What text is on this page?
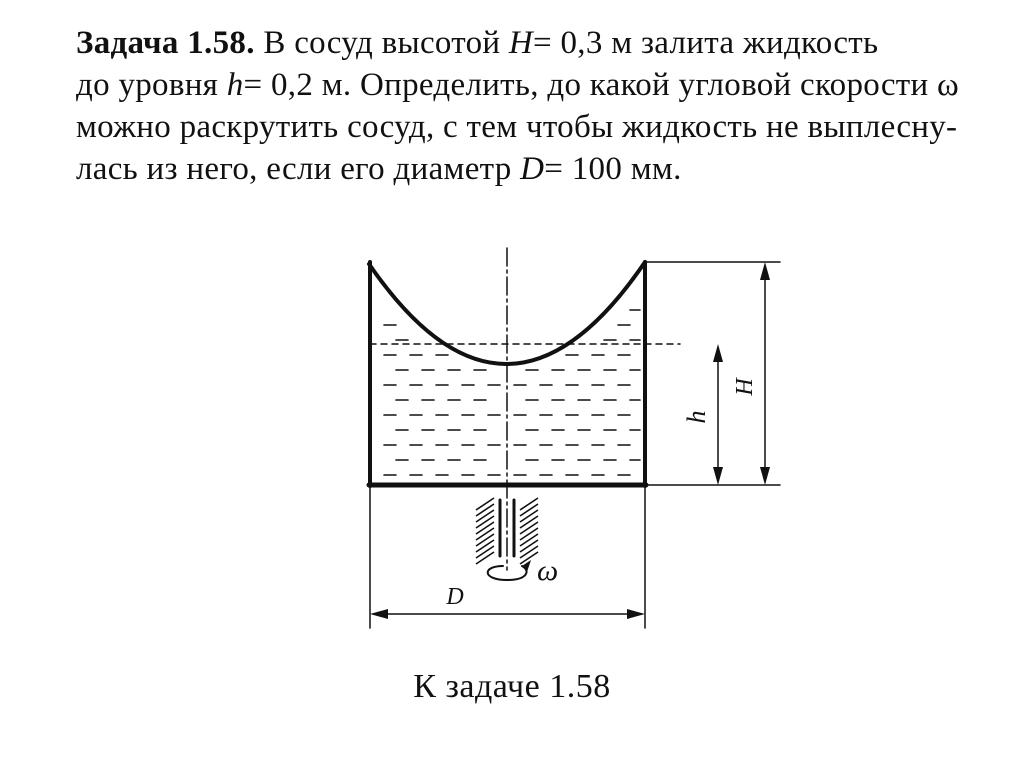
Задача 1.58. В сосуд высотой H= 0,3 м залита жидкость
до уровня h= 0,2 м. Определить, до какой угловой скорости ω
можно раскрутить сосуд, с тем чтобы жидкость не выплесну-
лась из него, если его диаметр D= 100 мм.
H
h
D
ω
К задаче 1.58
